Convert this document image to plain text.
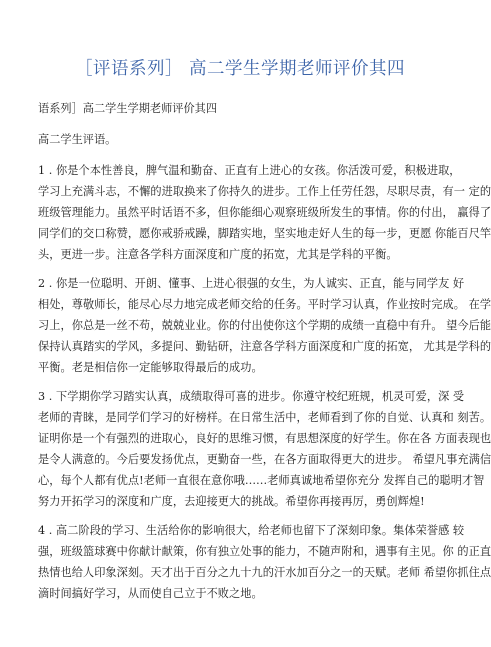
［评语系列］ 高二学生学期老师评价其四
语系列］高二学生学期老师评价其四
高二学生评语。
1 . 你是个本性善良，脾气温和勤奋、正直有上进心的女孩。你活泼可爱，积极进取，
学习上充满斗志，不懈的进取换来了你持久的进步。工作上任劳任怨，尽职尽责，有一 定的
班级管理能力。虽然平时话语不多，但你能细心观察班级所发生的事情。你的付出， 赢得了
同学们的交口称赞，愿你戒骄戒躁，脚踏实地，坚实地走好人生的每一步，更愿 你能百尺竿
头，更进一步。注意各学科方面深度和广度的拓宽，尤其是学科的平衡。
2 . 你是一位聪明、开朗、懂事、上进心很强的女生，为人诚实、正直，能与同学友 好
相处，尊敬师长，能尽心尽力地完成老师交给的任务。平时学习认真，作业按时完成。 在学
习上，你总是一丝不苟，兢兢业业。你的付出使你这个学期的成绩一直稳中有升。 望今后能
保持认真踏实的学风，多提问、勤钻研，注意各学科方面深度和广度的拓宽， 尤其是学科的
平衡。老是相信你一定能够取得最后的成功。
3 . 下学期你学习踏实认真，成绩取得可喜的进步。你遵守校纪班规，机灵可爱，深 受
老师的青睐，是同学们学习的好榜样。在日常生活中，老师看到了你的自觉、认真和 刻苦。
证明你是一个有强烈的进取心，良好的思维习惯，有思想深度的好学生。你在各 方面表现也
是令人满意的。今后要发扬优点，更勤奋一些，在各方面取得更大的进步。 希望凡事充满信
心，每个人都有优点!老师一直很在意你哦……老师真诚地希望你充分 发挥自己的聪明才智
努力开拓学习的深度和广度，去迎接更大的挑战。希望你再接再厉，勇创辉煌!
4 . 高二阶段的学习、生活给你的影响很大，给老师也留下了深刻印象。集体荣誉感 较
强，班级篮球赛中你献计献策，你有独立处事的能力，不随声附和，遇事有主见。你 的正直
热情也给人印象深刻。天才出于百分之九十九的汗水加百分之一的天赋。老师 希望你抓住点
滴时间搞好学习，从而使自己立于不败之地。
